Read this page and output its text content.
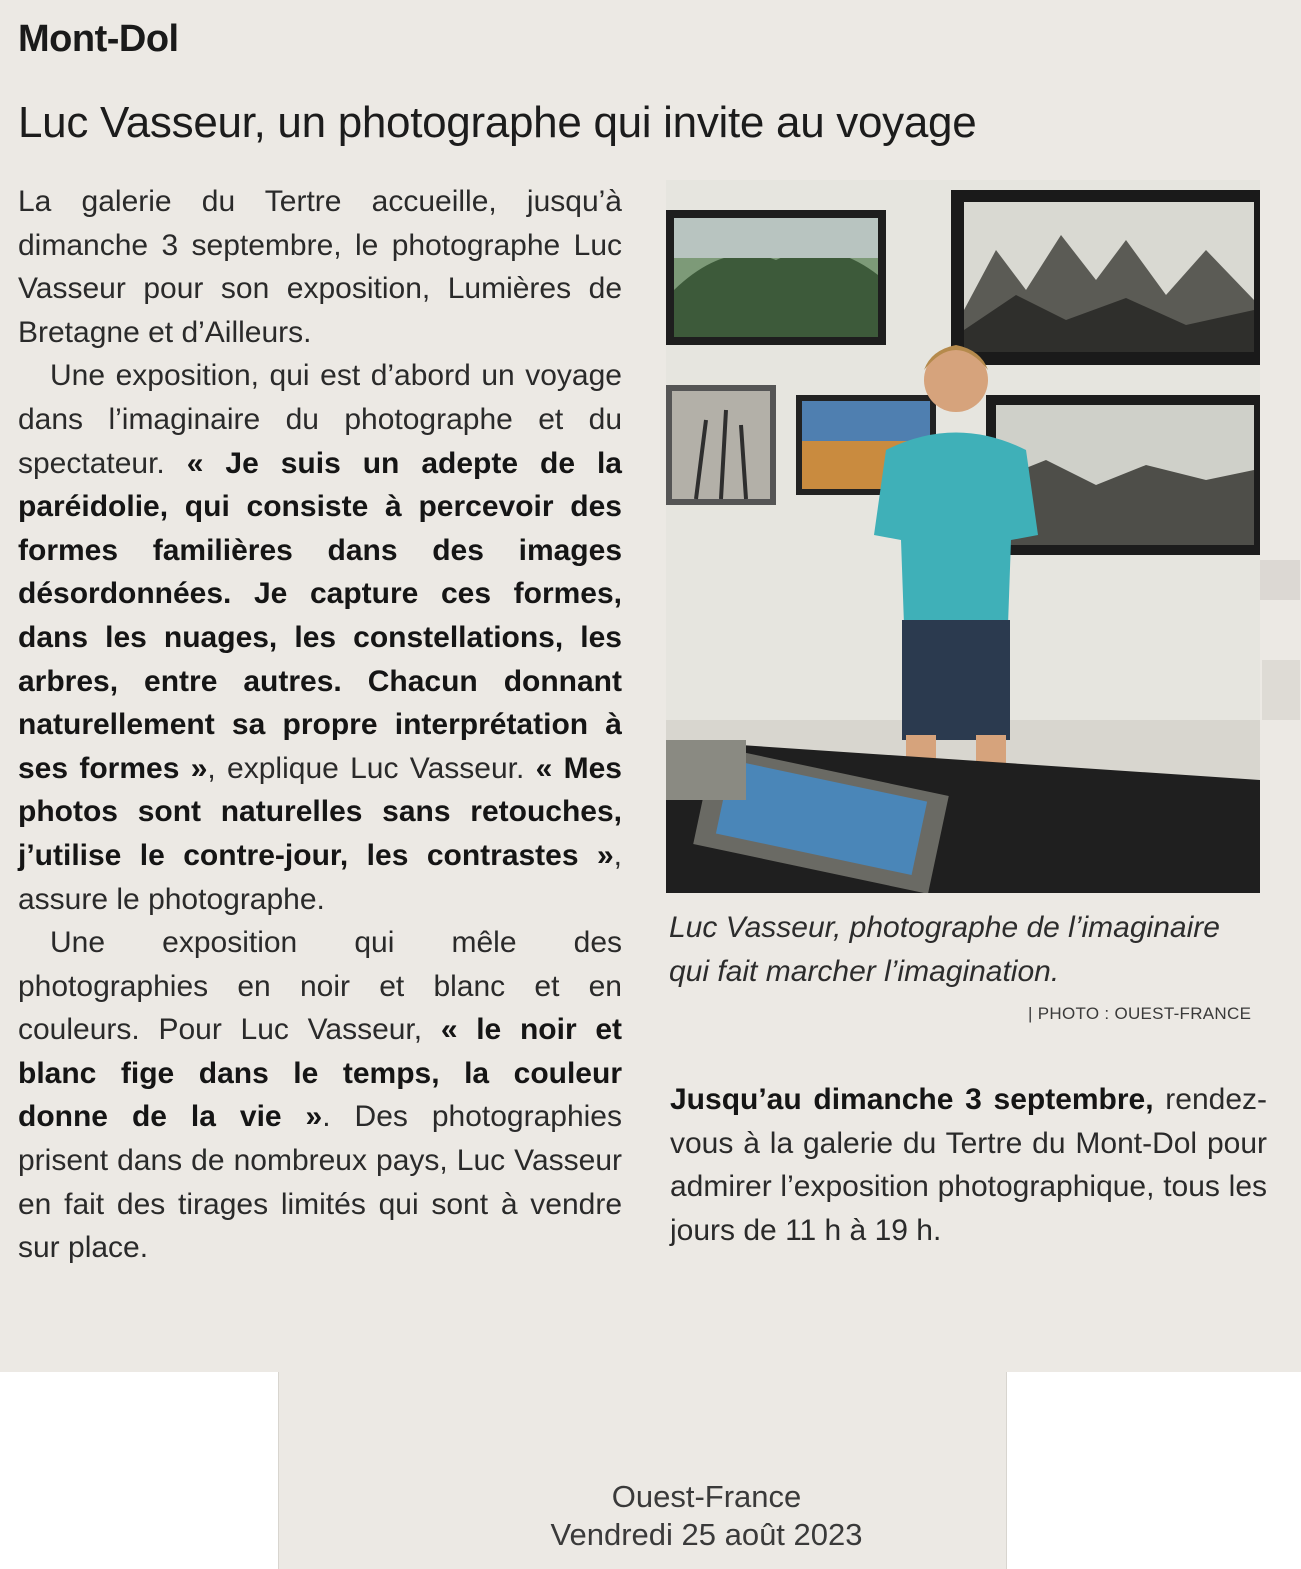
Mont-Dol
Luc Vasseur, un photographe qui invite au voyage

La galerie du Tertre accueille, jusqu’à dimanche 3 septembre, le photographe Luc Vasseur pour son exposition, Lumières de Bretagne et d’Ailleurs.

Une exposition, qui est d’abord un voyage dans l’imaginaire du photographe et du spectateur. « Je suis un adepte de la paréidolie, qui consiste à percevoir des formes familières dans des images désordonnées. Je capture ces formes, dans les nuages, les constellations, les arbres, entre autres. Chacun donnant naturellement sa propre interprétation à ses formes », explique Luc Vasseur. « Mes photos sont naturelles sans retouches, j’utilise le contre-jour, les contrastes », assure le photographe.

Une exposition qui mêle des photographies en noir et blanc et en couleurs. Pour Luc Vasseur, « le noir et blanc fige dans le temps, la couleur donne de la vie ». Des photographies prisent dans de nombreux pays, Luc Vasseur en fait des tirages limités qui sont à vendre sur place.

Luc Vasseur, photographe de l’imaginaire qui fait marcher l’imagination.
| PHOTO : OUEST-FRANCE
Jusqu’au dimanche 3 septembre, rendez-vous à la galerie du Tertre du Mont-Dol pour admirer l’exposition photographique, tous les jours de 11 h à 19 h.
Ouest-France
Vendredi 25 août 2023
